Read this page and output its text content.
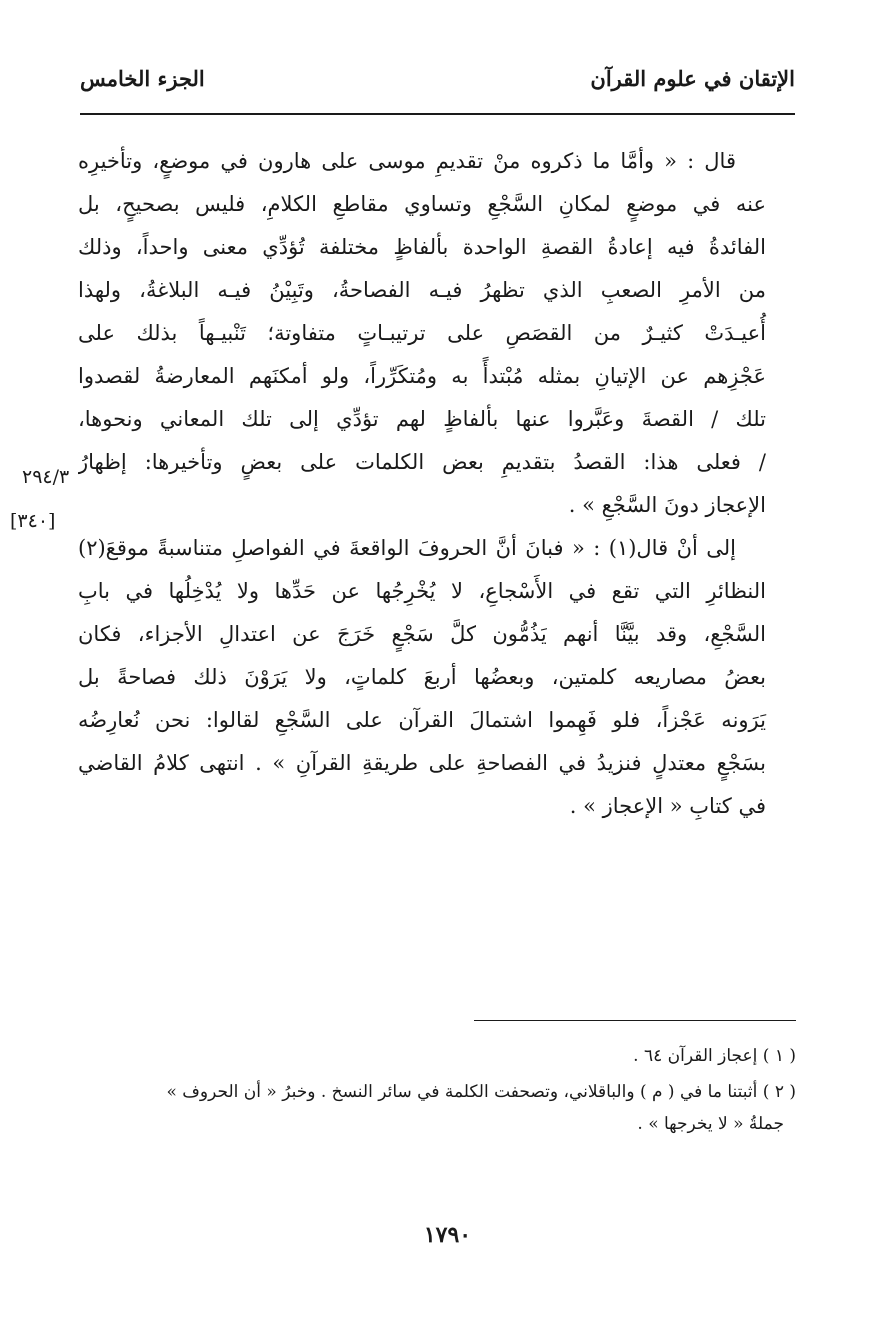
الإتقان في علوم القرآن
الجزء الخامس
قال : « وأمَّا ما ذكروه منْ تقديمِ موسى على هارون في موضعٍ، وتأخيرِه
عنه في موضعٍ لمكانِ السَّجْعِ وتساوي مقاطعِ الكلامِ، فليس بصحيحٍ، بل
الفائدةُ فيه إعادةُ القصةِ الواحدة بألفاظٍ مختلفة تُؤدِّي معنى واحداً، وذلك
من الأمرِ الصعبِ الذي تظهرُ فيـه الفصاحةُ، وتَبِيْنُ فيـه البلاغةُ، ولهذا
أُعيـدَتْ كثيـرٌ من القصَصِ على ترتيبـاتٍ متفاوتة؛ تَنْبيـهاً بذلك على
عَجْزِهم عن الإتيانِ بمثله مُبْتدأً به ومُتكَرِّراً، ولو أمكنَهم المعارضةُ لقصدوا
تلك / القصةَ وعَبَّروا عنها بألفاظٍ لهم تؤدِّي إلى تلك المعاني ونحوها،
/ فعلى هذا: القصدُ بتقديمِ بعض الكلمات على بعضٍ وتأخيرها: إظهارُ
الإعجاز دونَ السَّجْعِ » .
إلى أنْ قال(١) : « فبانَ أنَّ الحروفَ الواقعةَ في الفواصلِ متناسبةً موقعَ(٢)
النظائرِ التي تقع في الأَسْجاعِ، لا يُخْرِجُها عن حَدِّها ولا يُدْخِلُها في بابِ
السَّجْعِ، وقد بيَّنَّا أنهم يَذُمُّون كلَّ سَجْعٍ خَرَجَ عن اعتدالِ الأجزاء، فكان
بعضُ مصاريعه كلمتين، وبعضُها أربعَ كلماتٍ، ولا يَرَوْنَ ذلك فصاحةً بل
يَرَونه عَجْزاً، فلو فَهِموا اشتمالَ القرآن على السَّجْعِ لقالوا: نحن نُعارِضُه
بسَجْعٍ معتدلٍ فنزيدُ في الفصاحةِ على طريقةِ القرآنِ » . انتهى كلامُ القاضي
في كتابِ « الإعجاز » .
٢٩٤/٣
[٣٤٠]

( ١ ) إعجاز القرآن ٦٤ .

( ٢ ) أثبتنا ما في ( م ) والباقلاني، وتصحفت الكلمة في سائر النسخ . وخبرُ « أن الحروف »
جملةُ « لا يخرجها » .

١٧٩٠
